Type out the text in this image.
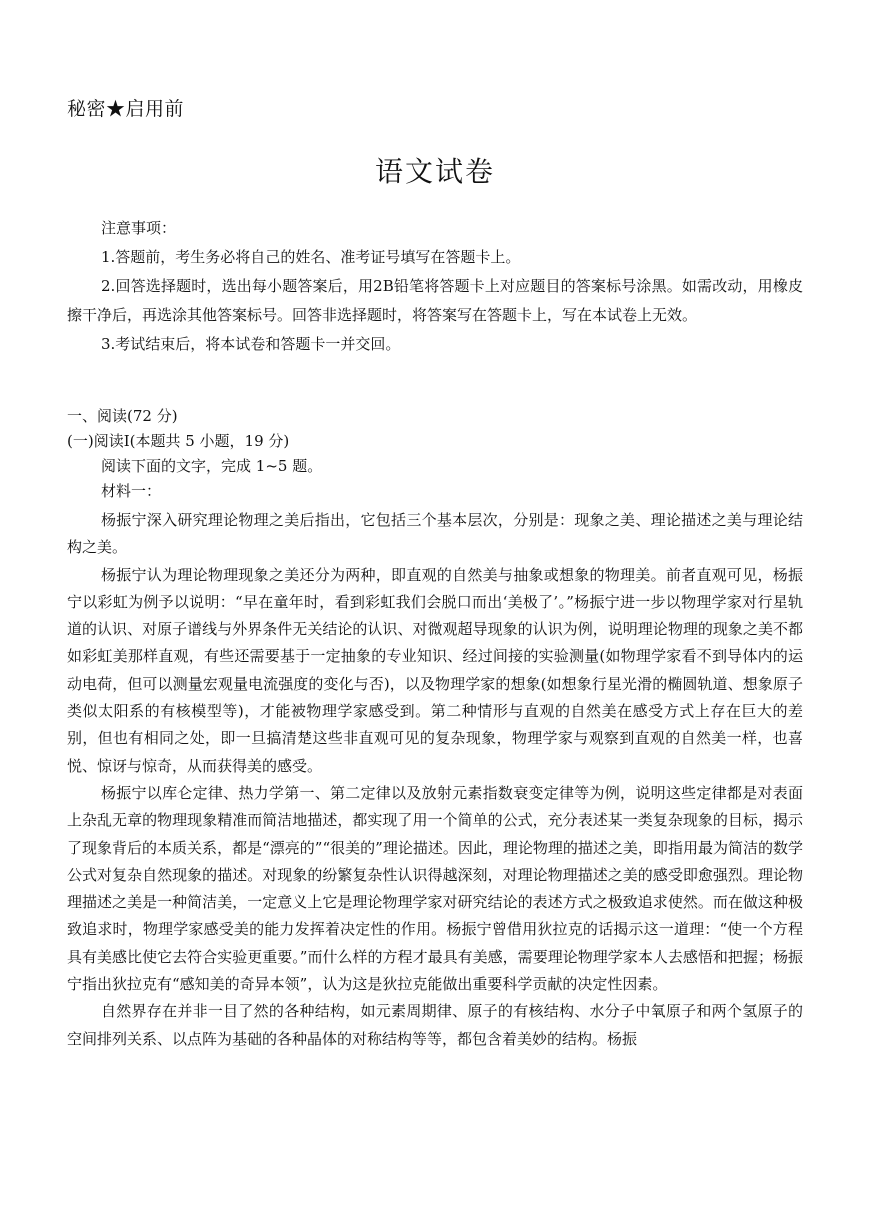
秘密★启用前
语文试卷

注意事项：

1.答题前，考生务必将自己的姓名、准考证号填写在答题卡上。

2.回答选择题时，选出每小题答案后，用2B铅笔将答题卡上对应题目的答案标号涂黑。如需改动，用橡皮擦干净后，再选涂其他答案标号。回答非选择题时，将答案写在答题卡上，写在本试卷上无效。

3.考试结束后，将本试卷和答题卡一并交回。

一、阅读(72 分)

(一)阅读Ⅰ(本题共 5 小题，19 分)

阅读下面的文字，完成 1~5 题。

材料一：

杨振宁深入研究理论物理之美后指出，它包括三个基本层次，分别是：现象之美、理论描述之美与理论结构之美。

杨振宁认为理论物理现象之美还分为两种，即直观的自然美与抽象或想象的物理美。前者直观可见，杨振宁以彩虹为例予以说明：“早在童年时，看到彩虹我们会脱口而出‘美极了’。”杨振宁进一步以物理学家对行星轨道的认识、对原子谱线与外界条件无关结论的认识、对微观超导现象的认识为例，说明理论物理的现象之美不都如彩虹美那样直观，有些还需要基于一定抽象的专业知识、经过间接的实验测量(如物理学家看不到导体内的运动电荷，但可以测量宏观量电流强度的变化与否)，以及物理学家的想象(如想象行星光滑的椭圆轨道、想象原子类似太阳系的有核模型等)，才能被物理学家感受到。第二种情形与直观的自然美在感受方式上存在巨大的差别，但也有相同之处，即一旦搞清楚这些非直观可见的复杂现象，物理学家与观察到直观的自然美一样，也喜悦、惊讶与惊奇，从而获得美的感受。

杨振宁以库仑定律、热力学第一、第二定律以及放射元素指数衰变定律等为例，说明这些定律都是对表面上杂乱无章的物理现象精准而简洁地描述，都实现了用一个简单的公式，充分表述某一类复杂现象的目标，揭示了现象背后的本质关系，都是“漂亮的”“很美的”理论描述。因此，理论物理的描述之美，即指用最为简洁的数学公式对复杂自然现象的描述。对现象的纷繁复杂性认识得越深刻，对理论物理描述之美的感受即愈强烈。理论物理描述之美是一种简洁美，一定意义上它是理论物理学家对研究结论的表述方式之极致追求使然。而在做这种极致追求时，物理学家感受美的能力发挥着决定性的作用。杨振宁曾借用狄拉克的话揭示这一道理：“使一个方程具有美感比使它去符合实验更重要。”而什么样的方程才最具有美感，需要理论物理学家本人去感悟和把握；杨振宁指出狄拉克有“感知美的奇异本领”，认为这是狄拉克能做出重要科学贡献的决定性因素。

自然界存在并非一目了然的各种结构，如元素周期律、原子的有核结构、水分子中氧原子和两个氢原子的空间排列关系、以点阵为基础的各种晶体的对称结构等等，都包含着美妙的结构。杨振
